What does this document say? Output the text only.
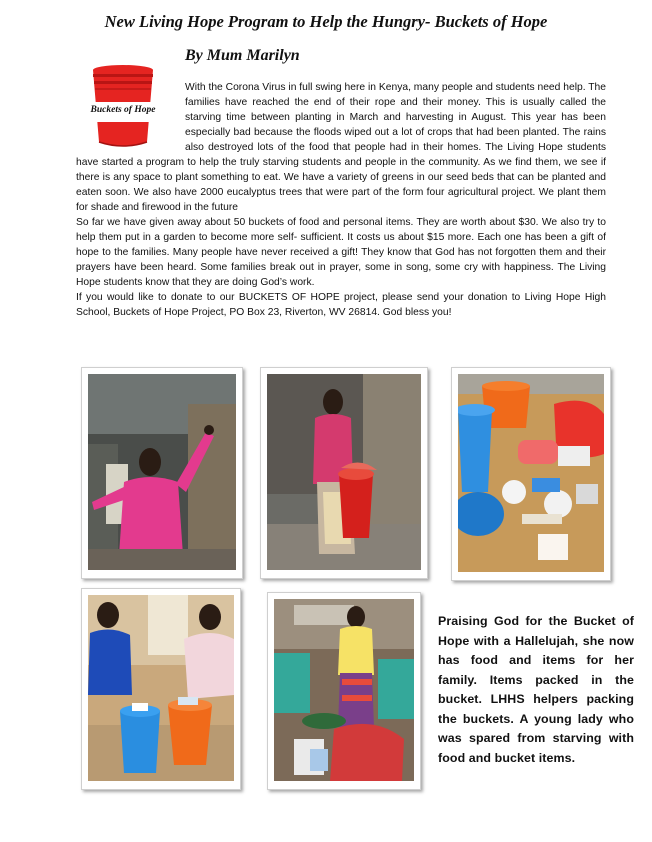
New Living Hope Program to Help the Hungry- Buckets of Hope
By Mum Marilyn
Buckets of Hope

With the Corona Virus in full swing here in Kenya, many people and students need help. The families have reached the end of their rope and their money. This is usually called the starving time between planting in March and harvesting in August. This year has been especially bad because the floods wiped out a lot of crops that had been planted. The rains also destroyed lots of the food that people had in their homes. The Living Hope students have started a program to help the truly starving students and people in the community. As we find them, we see if there is any space to plant something to eat. We have a variety of greens in our seed beds that can be planted and eaten soon. We also have 2000 eucalyptus trees that were part of the form four agricultural project. We plant them for shade and firewood in the future

So far we have given away about 50 buckets of food and personal items. They are worth about $30. We also try to help them put in a garden to become more self- sufficient. It costs us about $15 more. Each one has been a gift of hope to the families. Many people have never received a gift! They know that God has not forgotten them and their prayers have been heard. Some families break out in prayer, some in song, some cry with happiness. The Living Hope students know that they are doing God’s work.

If you would like to donate to our BUCKETS OF HOPE project, please send your donation to Living Hope High School, Buckets of Hope Project, PO Box 23, Riverton, WV 26814. God bless you!

Praising God for the Bucket of Hope with a Hallelujah, she now has food and items for her family. Items packed in the bucket. LHHS helpers packing the buckets. A young lady who was spared from starving with food and bucket items.
